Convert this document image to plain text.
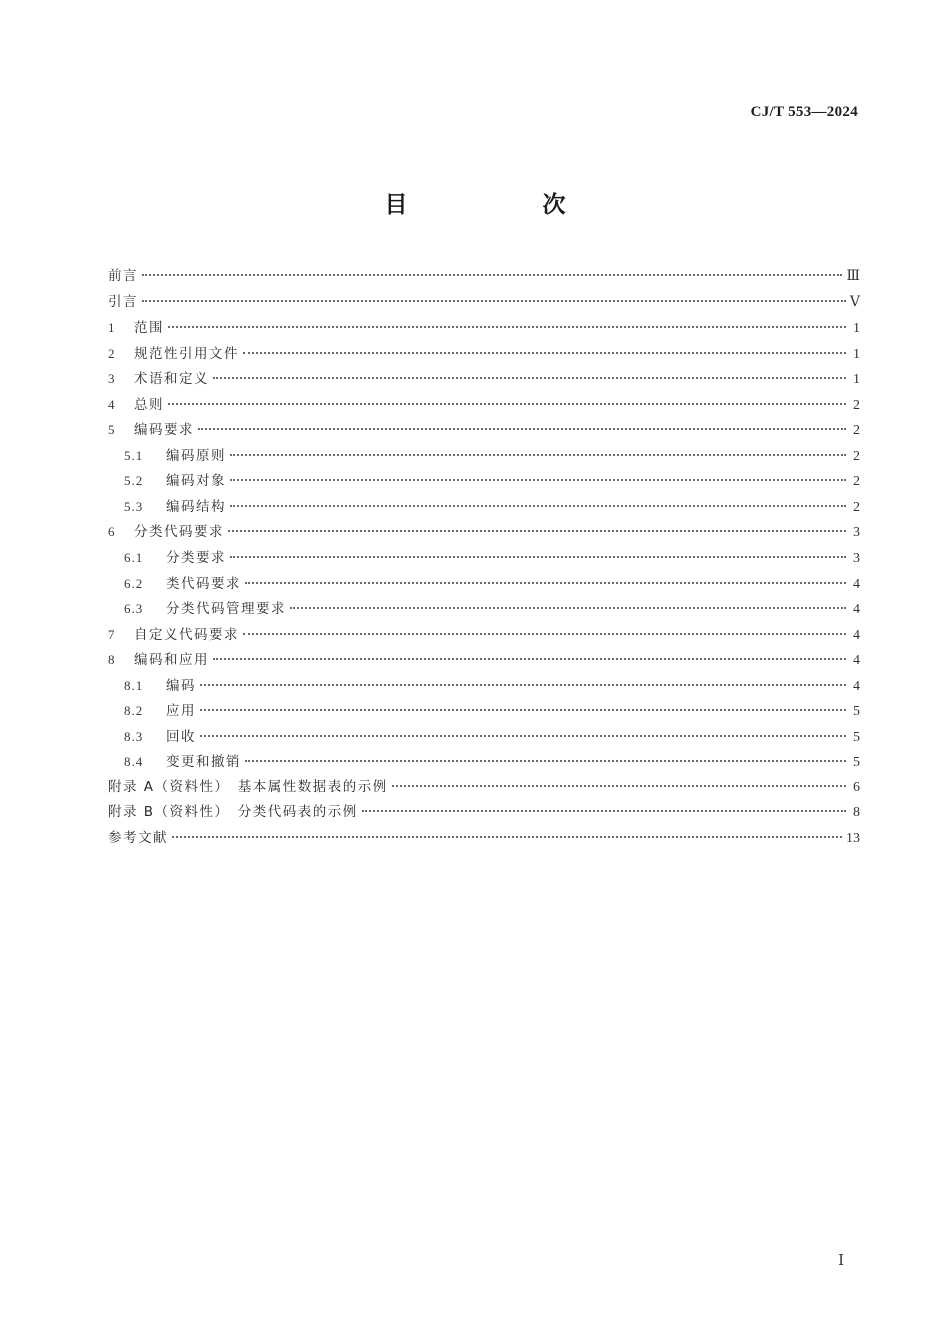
CJ/T 553—2024
目　次
前言	Ⅲ
引言	Ⅴ
1 范围	1
2 规范性引用文件	1
3 术语和定义	1
4 总则	2
5 编码要求	2
5.1 编码原则	2
5.2 编码对象	2
5.3 编码结构	2
6 分类代码要求	3
6.1 分类要求	3
6.2 类代码要求	4
6.3 分类代码管理要求	4
7 自定义代码要求	4
8 编码和应用	4
8.1 编码	4
8.2 应用	5
8.3 回收	5
8.4 变更和撤销	5
附录 A（资料性）　基本属性数据表的示例	6
附录 B（资料性）　分类代码表的示例	8
参考文献	13
Ⅰ
